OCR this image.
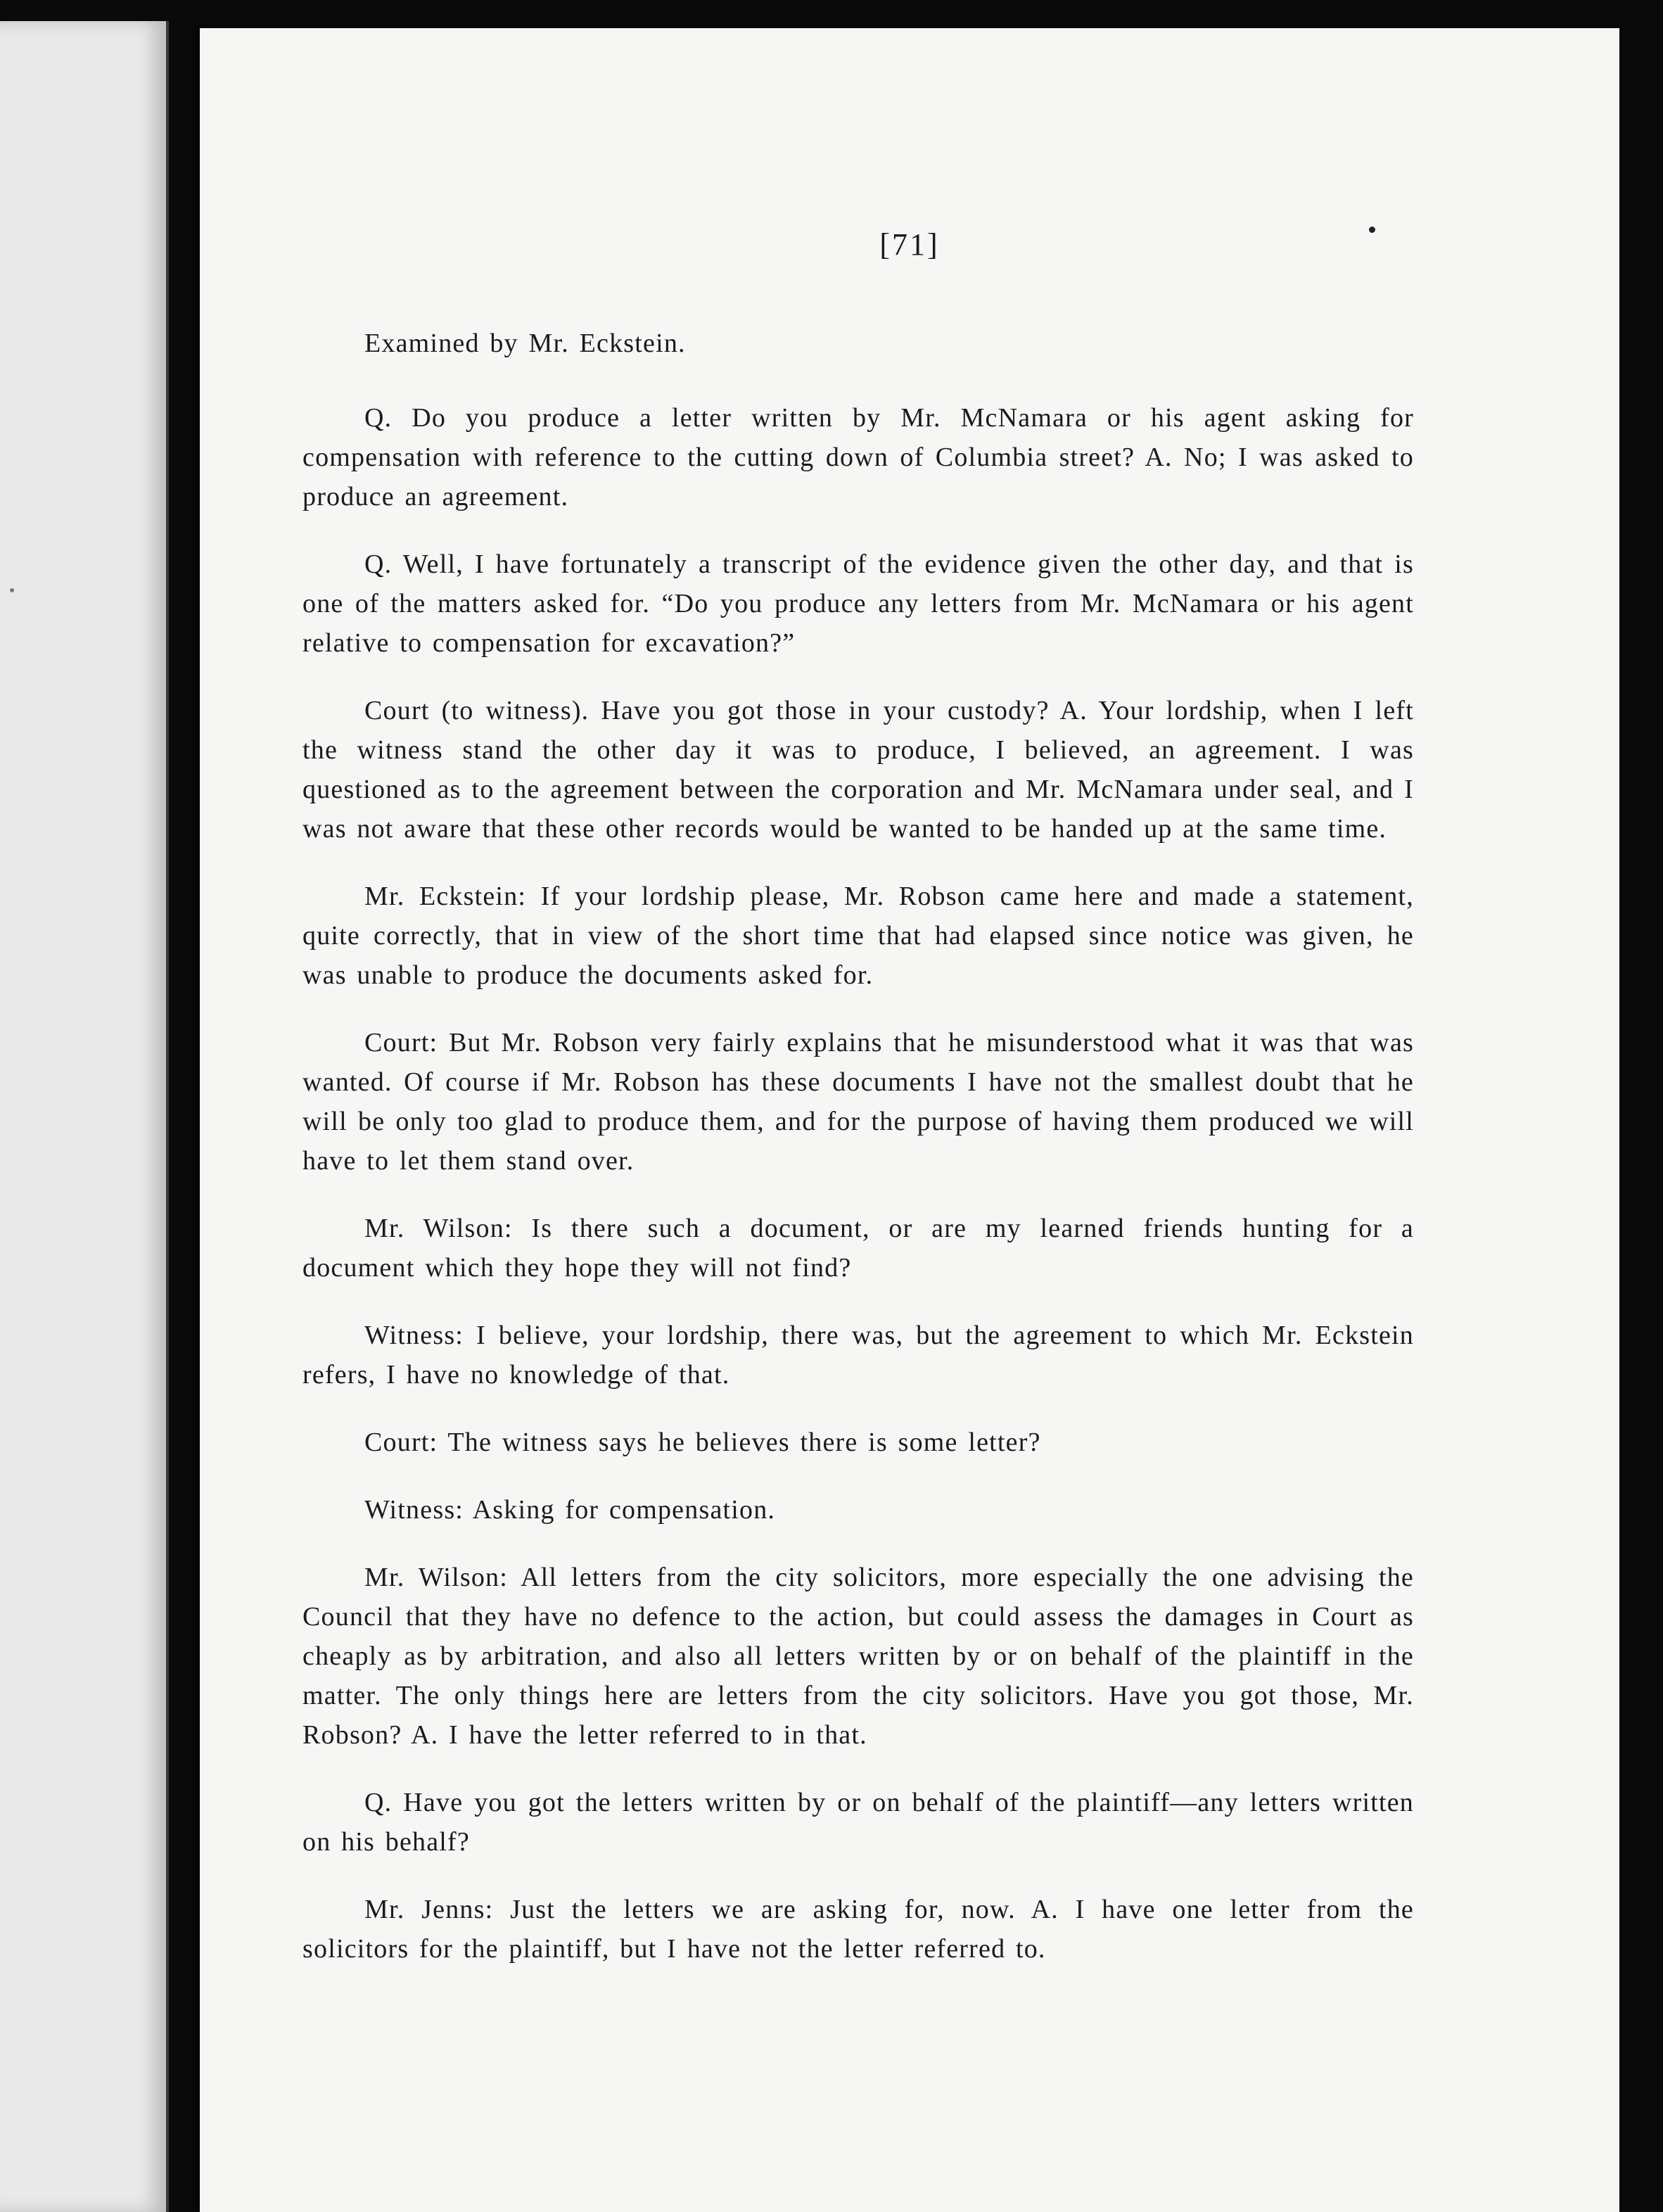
[71]

Examined by Mr. Eckstein.

Q. Do you produce a letter written by Mr. McNamara or his agent asking for compensation with reference to the cutting down of Columbia street? A. No; I was asked to produce an agreement.

Q. Well, I have fortunately a transcript of the evidence given the other day, and that is one of the matters asked for. “Do you produce any letters from Mr. McNamara or his agent relative to compensation for excavation?”

Court (to witness). Have you got those in your custody? A. Your lordship, when I left the witness stand the other day it was to produce, I believed, an agreement. I was questioned as to the agreement between the corporation and Mr. McNamara under seal, and I was not aware that these other records would be wanted to be handed up at the same time.

Mr. Eckstein: If your lordship please, Mr. Robson came here and made a statement, quite correctly, that in view of the short time that had elapsed since notice was given, he was unable to produce the documents asked for.

Court: But Mr. Robson very fairly explains that he misunderstood what it was that was wanted. Of course if Mr. Robson has these documents I have not the smallest doubt that he will be only too glad to produce them, and for the purpose of having them produced we will have to let them stand over.

Mr. Wilson: Is there such a document, or are my learned friends hunting for a document which they hope they will not find?

Witness: I believe, your lordship, there was, but the agreement to which Mr. Eckstein refers, I have no knowledge of that.

Court: The witness says he believes there is some letter?

Witness: Asking for compensation.

Mr. Wilson: All letters from the city solicitors, more especially the one advising the Council that they have no defence to the action, but could assess the damages in Court as cheaply as by arbitration, and also all letters written by or on behalf of the plaintiff in the matter. The only things here are letters from the city solicitors. Have you got those, Mr. Robson? A. I have the letter referred to in that.

Q. Have you got the letters written by or on behalf of the plaintiff—any letters written on his behalf?

Mr. Jenns: Just the letters we are asking for, now. A. I have one letter from the solicitors for the plaintiff, but I have not the letter referred to.
